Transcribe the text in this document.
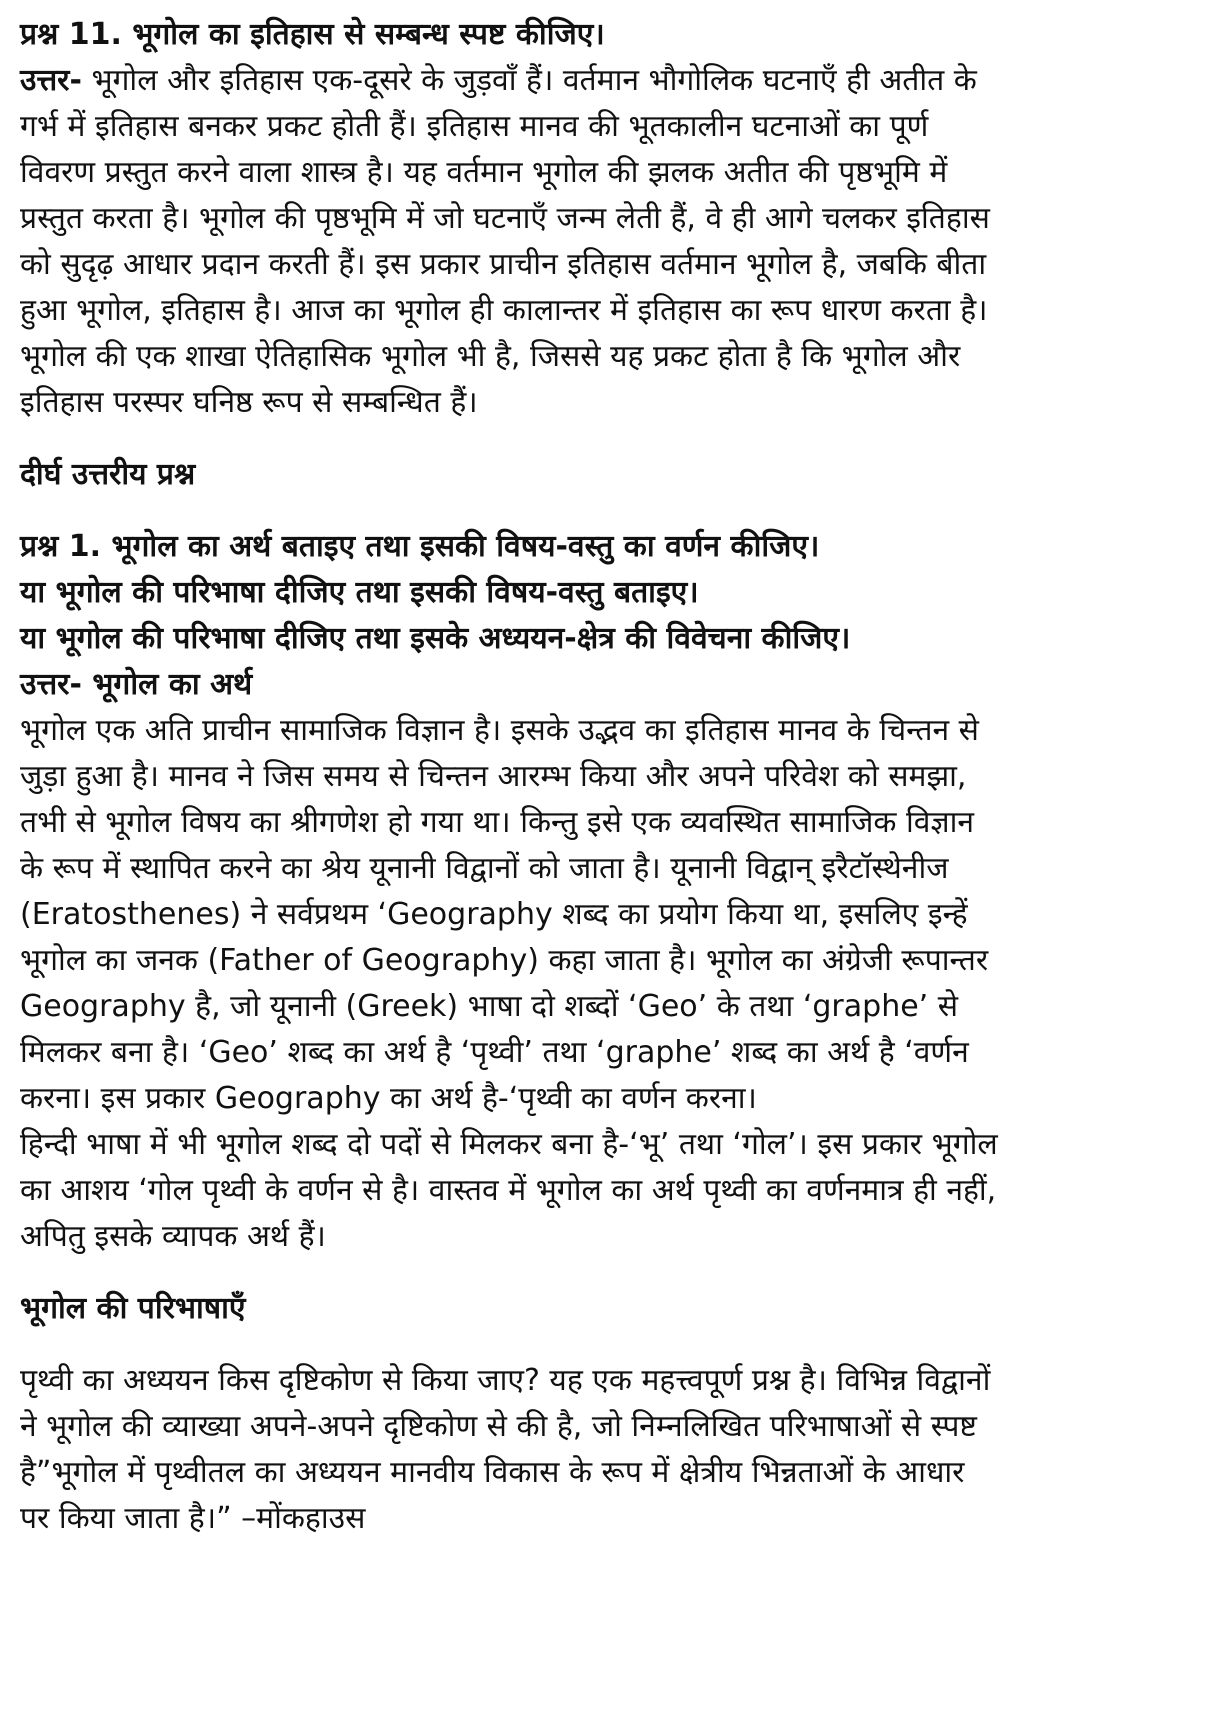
प्रश्न 11. भूगोल का इतिहास से सम्बन्ध स्पष्ट कीजिए।

उत्तर- भूगोल और इतिहास एक-दूसरे के जुड़वाँ हैं। वर्तमान भौगोलिक घटनाएँ ही अतीत के

गर्भ में इतिहास बनकर प्रकट होती हैं। इतिहास मानव की भूतकालीन घटनाओं का पूर्ण

विवरण प्रस्तुत करने वाला शास्त्र है। यह वर्तमान भूगोल की झलक अतीत की पृष्ठभूमि में

प्रस्तुत करता है। भूगोल की पृष्ठभूमि में जो घटनाएँ जन्म लेती हैं, वे ही आगे चलकर इतिहास

को सुदृढ़ आधार प्रदान करती हैं। इस प्रकार प्राचीन इतिहास वर्तमान भूगोल है, जबकि बीता

हुआ भूगोल, इतिहास है। आज का भूगोल ही कालान्तर में इतिहास का रूप धारण करता है।

भूगोल की एक शाखा ऐतिहासिक भूगोल भी है, जिससे यह प्रकट होता है कि भूगोल और

इतिहास परस्पर घनिष्ठ रूप से सम्बन्धित हैं।

दीर्घ उत्तरीय प्रश्न

प्रश्न 1. भूगोल का अर्थ बताइए तथा इसकी विषय-वस्तु का वर्णन कीजिए।

या भूगोल की परिभाषा दीजिए तथा इसकी विषय-वस्तु बताइए।

या भूगोल की परिभाषा दीजिए तथा इसके अध्ययन-क्षेत्र की विवेचना कीजिए।

उत्तर- भूगोल का अर्थ

भूगोल एक अति प्राचीन सामाजिक विज्ञान है। इसके उद्भव का इतिहास मानव के चिन्तन से

जुड़ा हुआ है। मानव ने जिस समय से चिन्तन आरम्भ किया और अपने परिवेश को समझा,

तभी से भूगोल विषय का श्रीगणेश हो गया था। किन्तु इसे एक व्यवस्थित सामाजिक विज्ञान

के रूप में स्थापित करने का श्रेय यूनानी विद्वानों को जाता है। यूनानी विद्वान् इरैटॉस्थेनीज

(Eratosthenes) ने सर्वप्रथम ‘Geography शब्द का प्रयोग किया था, इसलिए इन्हें

भूगोल का जनक (Father of Geography) कहा जाता है। भूगोल का अंग्रेजी रूपान्तर

Geography है, जो यूनानी (Greek) भाषा दो शब्दों ‘Geo’ के तथा ‘graphe’ से

मिलकर बना है। ‘Geo’ शब्द का अर्थ है ‘पृथ्वी’ तथा ‘graphe’ शब्द का अर्थ है ‘वर्णन

करना। इस प्रकार Geography का अर्थ है-‘पृथ्वी का वर्णन करना।

हिन्दी भाषा में भी भूगोल शब्द दो पदों से मिलकर बना है-‘भू’ तथा ‘गोल’। इस प्रकार भूगोल

का आशय ‘गोल पृथ्वी के वर्णन से है। वास्तव में भूगोल का अर्थ पृथ्वी का वर्णनमात्र ही नहीं,

अपितु इसके व्यापक अर्थ हैं।

भूगोल की परिभाषाएँ

पृथ्वी का अध्ययन किस दृष्टिकोण से किया जाए? यह एक महत्त्वपूर्ण प्रश्न है। विभिन्न विद्वानों

ने भूगोल की व्याख्या अपने-अपने दृष्टिकोण से की है, जो निम्नलिखित परिभाषाओं से स्पष्ट

है”भूगोल में पृथ्वीतल का अध्ययन मानवीय विकास के रूप में क्षेत्रीय भिन्नताओं के आधार

पर किया जाता है।” –मोंकहाउस
